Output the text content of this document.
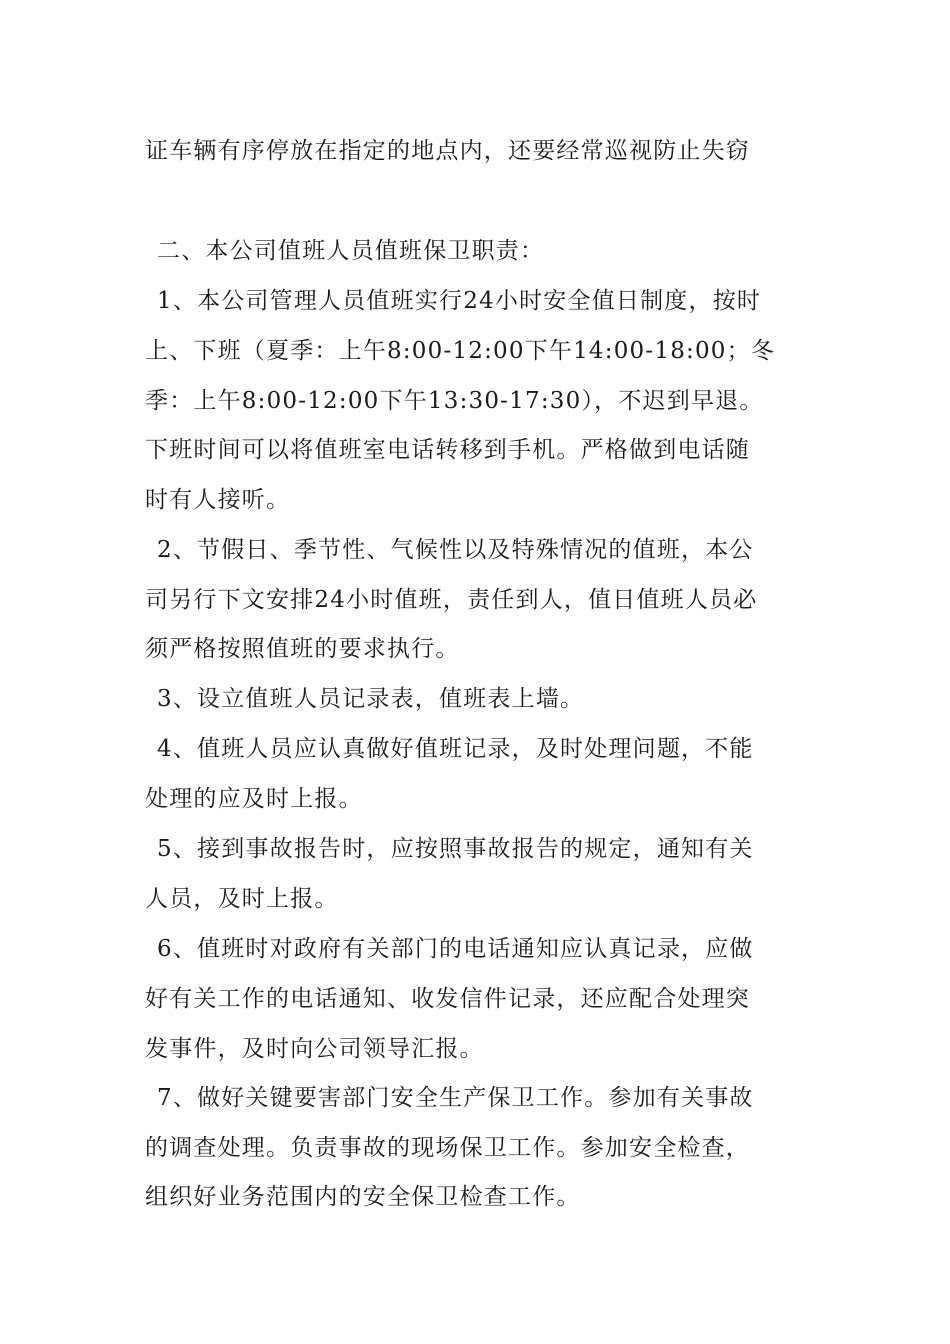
证车辆有序停放在指定的地点内，还要经常巡视防止失窃
二、本公司值班人员值班保卫职责：
1、本公司管理人员值班实行24小时安全值日制度，按时
上、下班（夏季：上午8:00-12:00下午14:00-18:00；冬
季：上午8:00-12:00下午13:30-17:30），不迟到早退。
下班时间可以将值班室电话转移到手机。严格做到电话随
时有人接听。
2、节假日、季节性、气候性以及特殊情况的值班，本公
司另行下文安排24小时值班，责任到人，值日值班人员必
须严格按照值班的要求执行。
3、设立值班人员记录表，值班表上墙。
4、值班人员应认真做好值班记录，及时处理问题，不能
处理的应及时上报。
5、接到事故报告时，应按照事故报告的规定，通知有关
人员，及时上报。
6、值班时对政府有关部门的电话通知应认真记录，应做
好有关工作的电话通知、收发信件记录，还应配合处理突
发事件，及时向公司领导汇报。
7、做好关键要害部门安全生产保卫工作。参加有关事故
的调查处理。负责事故的现场保卫工作。参加安全检查，
组织好业务范围内的安全保卫检查工作。
